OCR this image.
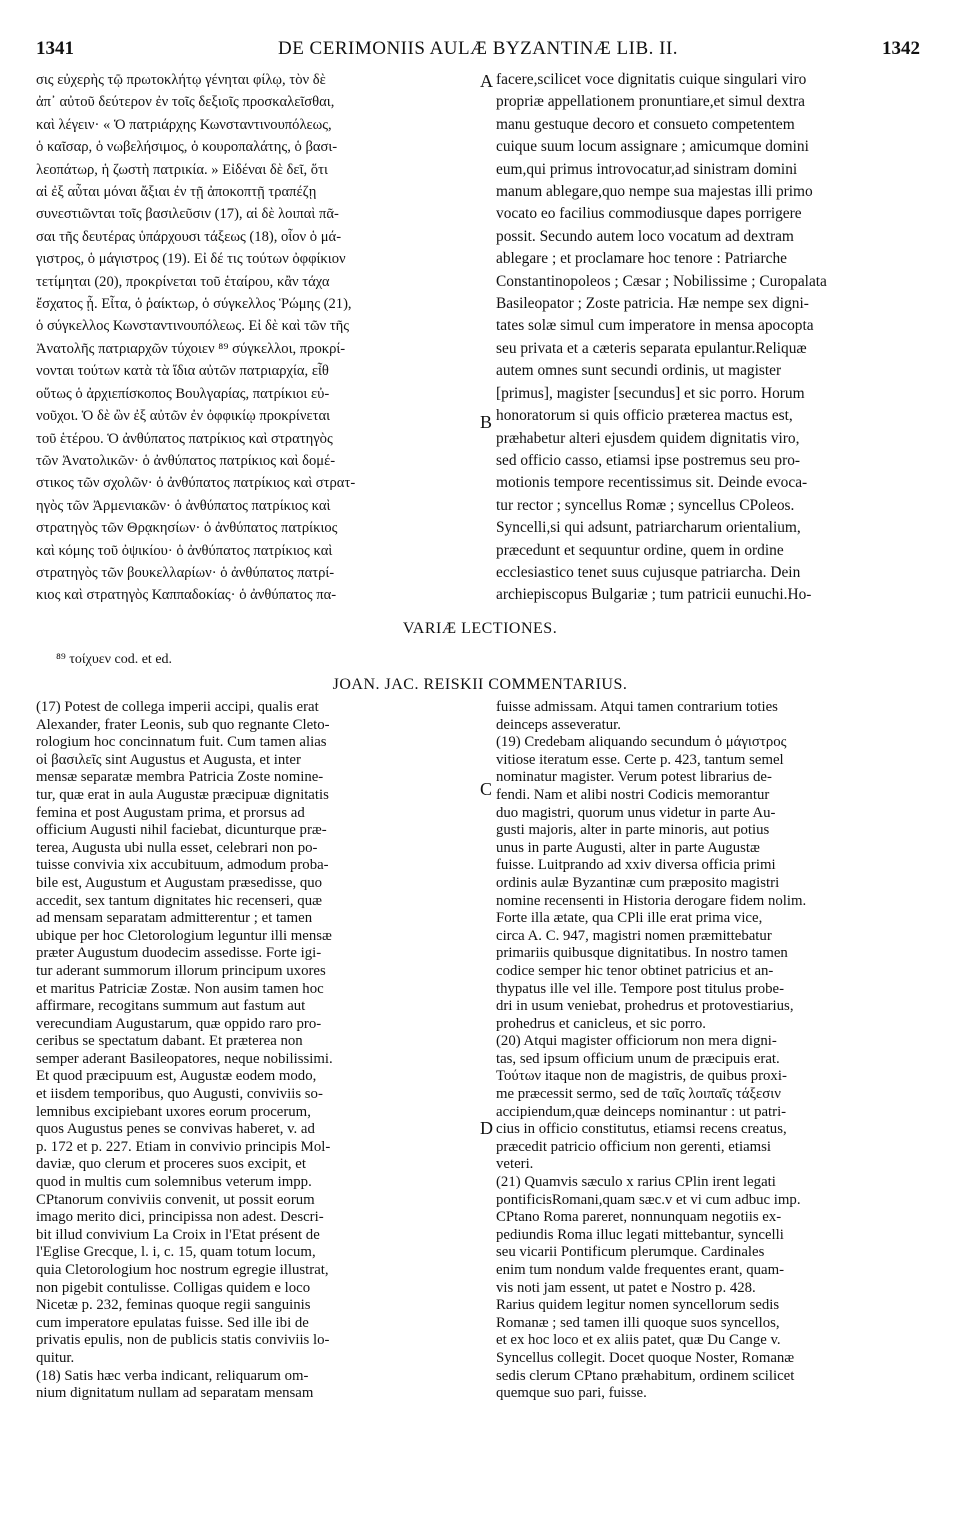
1341	DE CERIMONIIS AULÆ BYZANTINÆ LIB. II.	1342
σις εὐχερὴς τῷ πρωτοκλήτῳ γένηται φίλῳ, τὸν δὲ
ἀπ᾽ αὐτοῦ δεύτερον ἐν τοῖς δεξιοῖς προσκαλεῖσθαι,
καὶ λέγειν· « Ὁ πατριάρχης Κωνσταντινουπόλεως,
ὁ καῖσαρ, ὁ νωβελήσιμος, ὁ κουροπαλάτης, ὁ βασι-
λεοπάτωρ, ἡ ζωστὴ πατρικία. » Εἰδέναι δὲ δεῖ, ὅτι
αἱ ἐξ αὗται μόναι ἄξιαι ἐν τῇ ἀποκοπτῇ τραπέζῃ
συνεστιῶνται τοῖς βασιλεῦσιν (17), αἱ δὲ λοιπαὶ πᾶ-
σαι τῆς δευτέρας ὑπάρχουσι τάξεως (18), οἷον ὁ μά-
γιστρος, ὁ μάγιστρος (19). Εἰ δέ τις τούτων ὀφφίκιον
τετίμηται (20), προκρίνεται τοῦ ἑταίρου, κἂν τάχα
ἔσχατος ᾖ. Εἶτα, ὁ ῥαίκτωρ, ὁ σύγκελλος Ῥώμης (21),
ὁ σύγκελλος Κωνσταντινουπόλεως. Εἰ δὲ καὶ τῶν τῆς
Ἀνατολῆς πατριαρχῶν τύχοιεν ⁸⁹ σύγκελλοι, προκρί-
νονται τούτων κατὰ τὰ ἴδια αὐτῶν πατριαρχία, εἶθ
οὕτως ὁ ἀρχιεπίσκοπος Βουλγαρίας, πατρίκιοι εὐ-
νοῦχοι. Ὁ δὲ ὢν ἐξ αὐτῶν ἐν ὀφφικίῳ προκρίνεται
τοῦ ἑτέρου. Ὁ ἀνθύπατος πατρίκιος καὶ στρατηγὸς
τῶν Ἀνατολικῶν· ὁ ἀνθύπατος πατρίκιος καὶ δομέ-
στικος τῶν σχολῶν· ὁ ἀνθύπατος πατρίκιος καὶ στρατ-
ηγὸς τῶν Ἀρμενιακῶν· ὁ ἀνθύπατος πατρίκιος καὶ
στρατηγὸς τῶν Θρᾳκησίων· ὁ ἀνθύπατος πατρίκιος
καὶ κόμης τοῦ ὀψικίου· ὁ ἀνθύπατος πατρίκιος καὶ
στρατηγὸς τῶν βουκελλαρίων· ὁ ἀνθύπατος πατρί-
κιος καὶ στρατηγὸς Καππαδοκίας· ὁ ἀνθύπατος πα-
facere,scilicet voce dignitatis cuique singulari viro
propriæ appellationem pronuntiare,et simul dextra
manu gestuque decoro et consueto competentem
cuique suum locum assignare ; amicumque domini
eum,qui primus introvocatur,ad sinistram domini
manum ablegare,quo nempe sua majestas illi primo
vocato eo facilius commodiusque dapes porrigere
possit. Secundo autem loco vocatum ad dextram
ablegare ; et proclamare hoc tenore : Patriarche
Constantinopoleos ; Cæsar ; Nobilissime ; Curopalata
Basileopator ; Zoste patricia. Hæ nempe sex digni-
tates solæ simul cum imperatore in mensa apocopta
seu privata et a cæteris separata epulantur.Reliquæ
autem omnes sunt secundi ordinis, ut magister
[primus], magister [secundus] et sic porro. Horum
honoratorum si quis officio præterea mactus est,
præhabetur alteri ejusdem quidem dignitatis viro,
sed officio casso, etiamsi ipse postremus seu pro-
motionis tempore recentissimus sit. Deinde evoca-
tur rector ; syncellus Romæ ; syncellus CPoleos.
Syncelli,si qui adsunt, patriarcharum orientalium,
præcedunt et sequuntur ordine, quem in ordine
ecclesiastico tenet suus cujusque patriarcha. Dein
archiepiscopus Bulgariæ ; tum patricii eunuchi.Ho-
A
B
C
D
VARIÆ LECTIONES.
⁸⁹ τοίχυεν cod. et ed.
JOAN. JAC. REISKII COMMENTARIUS.
(17) Potest de collega imperii accipi, qualis erat
Alexander, frater Leonis, sub quo regnante Cleto-
rologium hoc concinnatum fuit. Cum tamen alias
οἱ βασιλεῖς sint Augustus et Augusta, et inter
mensæ separatæ membra Patricia Zoste nomine-
tur, quæ erat in aula Augustæ præcipuæ dignitatis
femina et post Augustam prima, et prorsus ad
officium Augusti nihil faciebat, dicunturque præ-
terea, Augusta ubi nulla esset, celebrari non po-
tuisse convivia xix accubituum, admodum proba-
bile est, Augustum et Augustam præsedisse, quo
accedit, sex tantum dignitates hic recenseri, quæ
ad mensam separatam admitterentur ; et tamen
ubique per hoc Cletorologium leguntur illi mensæ
præter Augustum duodecim assedisse. Forte igi-
tur aderant summorum illorum principum uxores
et maritus Patriciæ Zostæ. Non ausim tamen hoc
affirmare, recogitans summum aut fastum aut
verecundiam Augustarum, quæ oppido raro pro-
ceribus se spectatum dabant. Et præterea non
semper aderant Basileopatores, neque nobilissimi.
Et quod præcipuum est, Augustæ eodem modo,
et iisdem temporibus, quo Augusti, conviviis so-
lemnibus excipiebant uxores eorum procerum,
quos Augustus penes se convivas haberet, v. ad
p. 172 et p. 227. Etiam in convivio principis Mol-
daviæ, quo clerum et proceres suos excipit, et
quod in multis cum solemnibus veterum impp.
CPtanorum conviviis convenit, ut possit eorum
imago merito dici, principissa non adest. Descri-
bit illud convivium La Croix in l'Etat présent de
l'Eglise Grecque, l. i, c. 15, quam totum locum,
quia Cletorologium hoc nostrum egregie illustrat,
non pigebit contulisse. Colligas quidem e loco
Nicetæ p. 232, feminas quoque regii sanguinis
cum imperatore epulatas fuisse. Sed ille ibi de
privatis epulis, non de publicis statis conviviis lo-
quitur.
(18) Satis hæc verba indicant, reliquarum om-
nium dignitatum nullam ad separatam mensam
fuisse admissam. Atqui tamen contrarium toties
deinceps asseveratur.
(19) Credebam aliquando secundum ὁ μάγιστρος
vitiose iteratum esse. Certe p. 423, tantum semel
nominatur magister. Verum potest librarius de-
fendi. Nam et alibi nostri Codicis memorantur
duo magistri, quorum unus videtur in parte Au-
gusti majoris, alter in parte minoris, aut potius
unus in parte Augusti, alter in parte Augustæ
fuisse. Luitprando ad xxiv diversa officia primi
ordinis aulæ Byzantinæ cum præposito magistri
nomine recensenti in Historia derogare fidem nolim.
Forte illa ætate, qua CPli ille erat prima vice,
circa A. C. 947, magistri nomen præmittebatur
primariis quibusque dignitatibus. In nostro tamen
codice semper hic tenor obtinet patricius et an-
thypatus ille vel ille. Tempore post titulus probe-
dri in usum veniebat, prohedrus et protovestiarius,
prohedrus et canicleus, et sic porro.
(20) Atqui magister officiorum non mera digni-
tas, sed ipsum officium unum de præcipuis erat.
Τούτων itaque non de magistris, de quibus proxi-
me præcessit sermo, sed de ταῖς λοιπαῖς τάξεσιν
accipiendum,quæ deinceps nominantur : ut patri-
cius in officio constitutus, etiamsi recens creatus,
præcedit patricio officium non gerenti, etiamsi
veteri.
(21) Quamvis sæculo x rarius CPlin irent legati
pontificisRomani,quam sæc.v et vi cum adbuc imp.
CPtano Roma pareret, nonnunquam negotiis ex-
pediundis Roma illuc legati mittebantur, syncelli
seu vicarii Pontificum plerumque. Cardinales
enim tum nondum valde frequentes erant, quam-
vis noti jam essent, ut patet e Nostro p. 428.
Rarius quidem legitur nomen syncellorum sedis
Romanæ ; sed tamen illi quoque suos syncellos,
et ex hoc loco et ex aliis patet, quæ Du Cange v.
Syncellus collegit. Docet quoque Noster, Romanæ
sedis clerum CPtano præhabitum, ordinem scilicet
quemque suo pari, fuisse.
